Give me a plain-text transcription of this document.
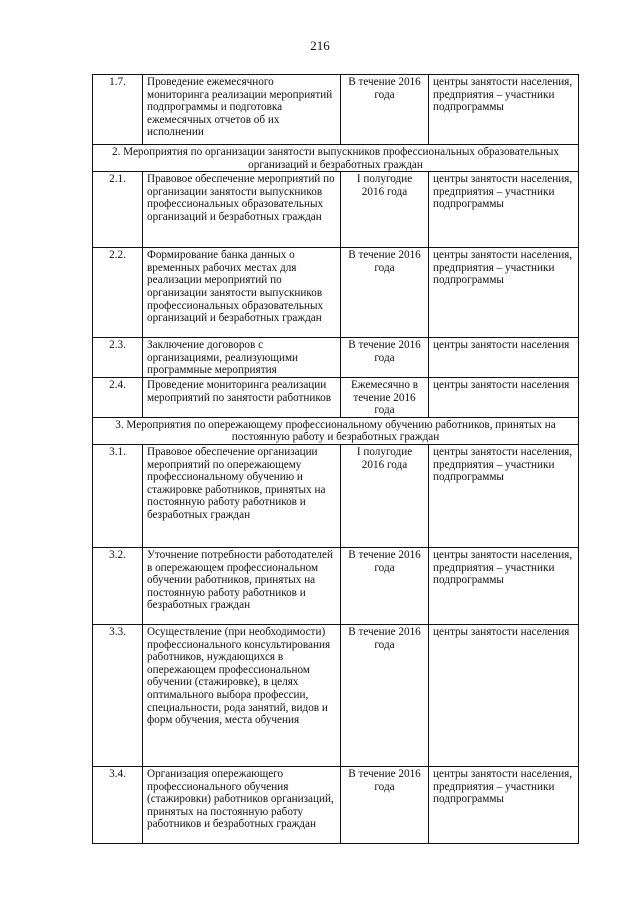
216
1.7.	Проведение ежемесячного мониторинга реализации мероприятий подпрограммы и подготовка ежемесячных отчетов об их исполнении	В течение 2016 года	центры занятости населения, предприятия – участники подпрограммы
2. Мероприятия по организации занятости выпускников профессиональных образовательных организаций и безработных граждан			
2.1.	Правовое обеспечение мероприятий по организации занятости выпускников профессиональных образовательных организаций и безработных граждан	I полугодие 2016 года	центры занятости населения, предприятия – участники подпрограммы
2.2.	Формирование банка данных о временных рабочих местах для реализации мероприятий по организации занятости выпускников профессиональных образовательных организаций и безработных граждан	В течение 2016 года	центры занятости населения, предприятия – участники подпрограммы
2.3.	Заключение договоров с организациями, реализующими программные мероприятия	В течение 2016 года	центры занятости населения
2.4.	Проведение мониторинга реализации мероприятий по занятости работников	Ежемесячно в течение 2016 года	центры занятости населения
3. Мероприятия по опережающему профессиональному обучению работников, принятых на постоянную работу и безработных граждан			
3.1.	Правовое обеспечение организации мероприятий по опережающему профессиональному обучению и стажировке работников, принятых на постоянную работу работников и безработных граждан	I полугодие 2016 года	центры занятости населения, предприятия – участники подпрограммы
3.2.	Уточнение потребности работодателей в опережающем профессиональном обучении работников, принятых на постоянную работу работников и безработных граждан	В течение 2016 года	центры занятости населения, предприятия – участники подпрограммы
3.3.	Осуществление (при необходимости) профессионального консультирования работников, нуждающихся в опережающем профессиональном обучении (стажировке), в целях оптимального выбора профессии, специальности, рода занятий, видов и форм обучения, места обучения	В течение 2016 года	центры занятости населения
3.4.	Организация опережающего профессионального обучения (стажировки) работников организаций, принятых на постоянную работу работников и безработных граждан	В течение 2016 года	центры занятости населения, предприятия – участники подпрограммы
